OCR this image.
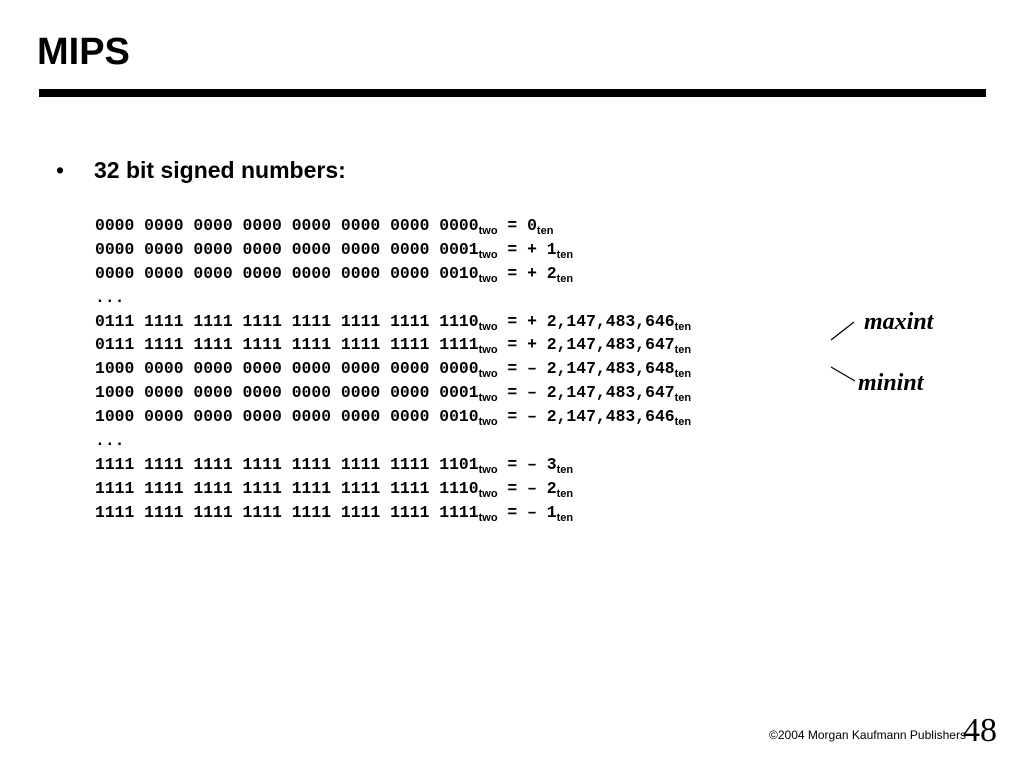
MIPS
• 32 bit signed numbers:
0000 0000 0000 0000 0000 0000 0000 $0000_{two} = 0_{ten}$
0000 0000 0000 0000 0000 0000 0000 $0001_{two}$ = + $1_{ten}$
0000 0000 0000 0000 0000 0000 0000 $0010_{two}$ = + $2_{ten}$
...
0111 1111 1111 1111 1111 1111 1111 $1110_{two}$ = + $2,147,483,646_{ten}$
0111 1111 1111 1111 1111 1111 1111 $1111_{two}$ = + $2,147,483,647_{ten}$
1000 0000 0000 0000 0000 0000 0000 $0000_{two}$ = – $2,147,483,648_{ten}$
1000 0000 0000 0000 0000 0000 0000 $0001_{two}$ = – $2,147,483,647_{ten}$
1000 0000 0000 0000 0000 0000 0000 $0010_{two}$ = – $2,147,483,646_{ten}$
...
1111 1111 1111 1111 1111 1111 1111 $1101_{two}$ = – $3_{ten}$
1111 1111 1111 1111 1111 1111 1111 $1110_{two}$ = – $2_{ten}$
1111 1111 1111 1111 1111 1111 1111 $1111_{two}$ = – $1_{ten}$
maxint
minint
©2004 Morgan Kaufmann Publishers
48
